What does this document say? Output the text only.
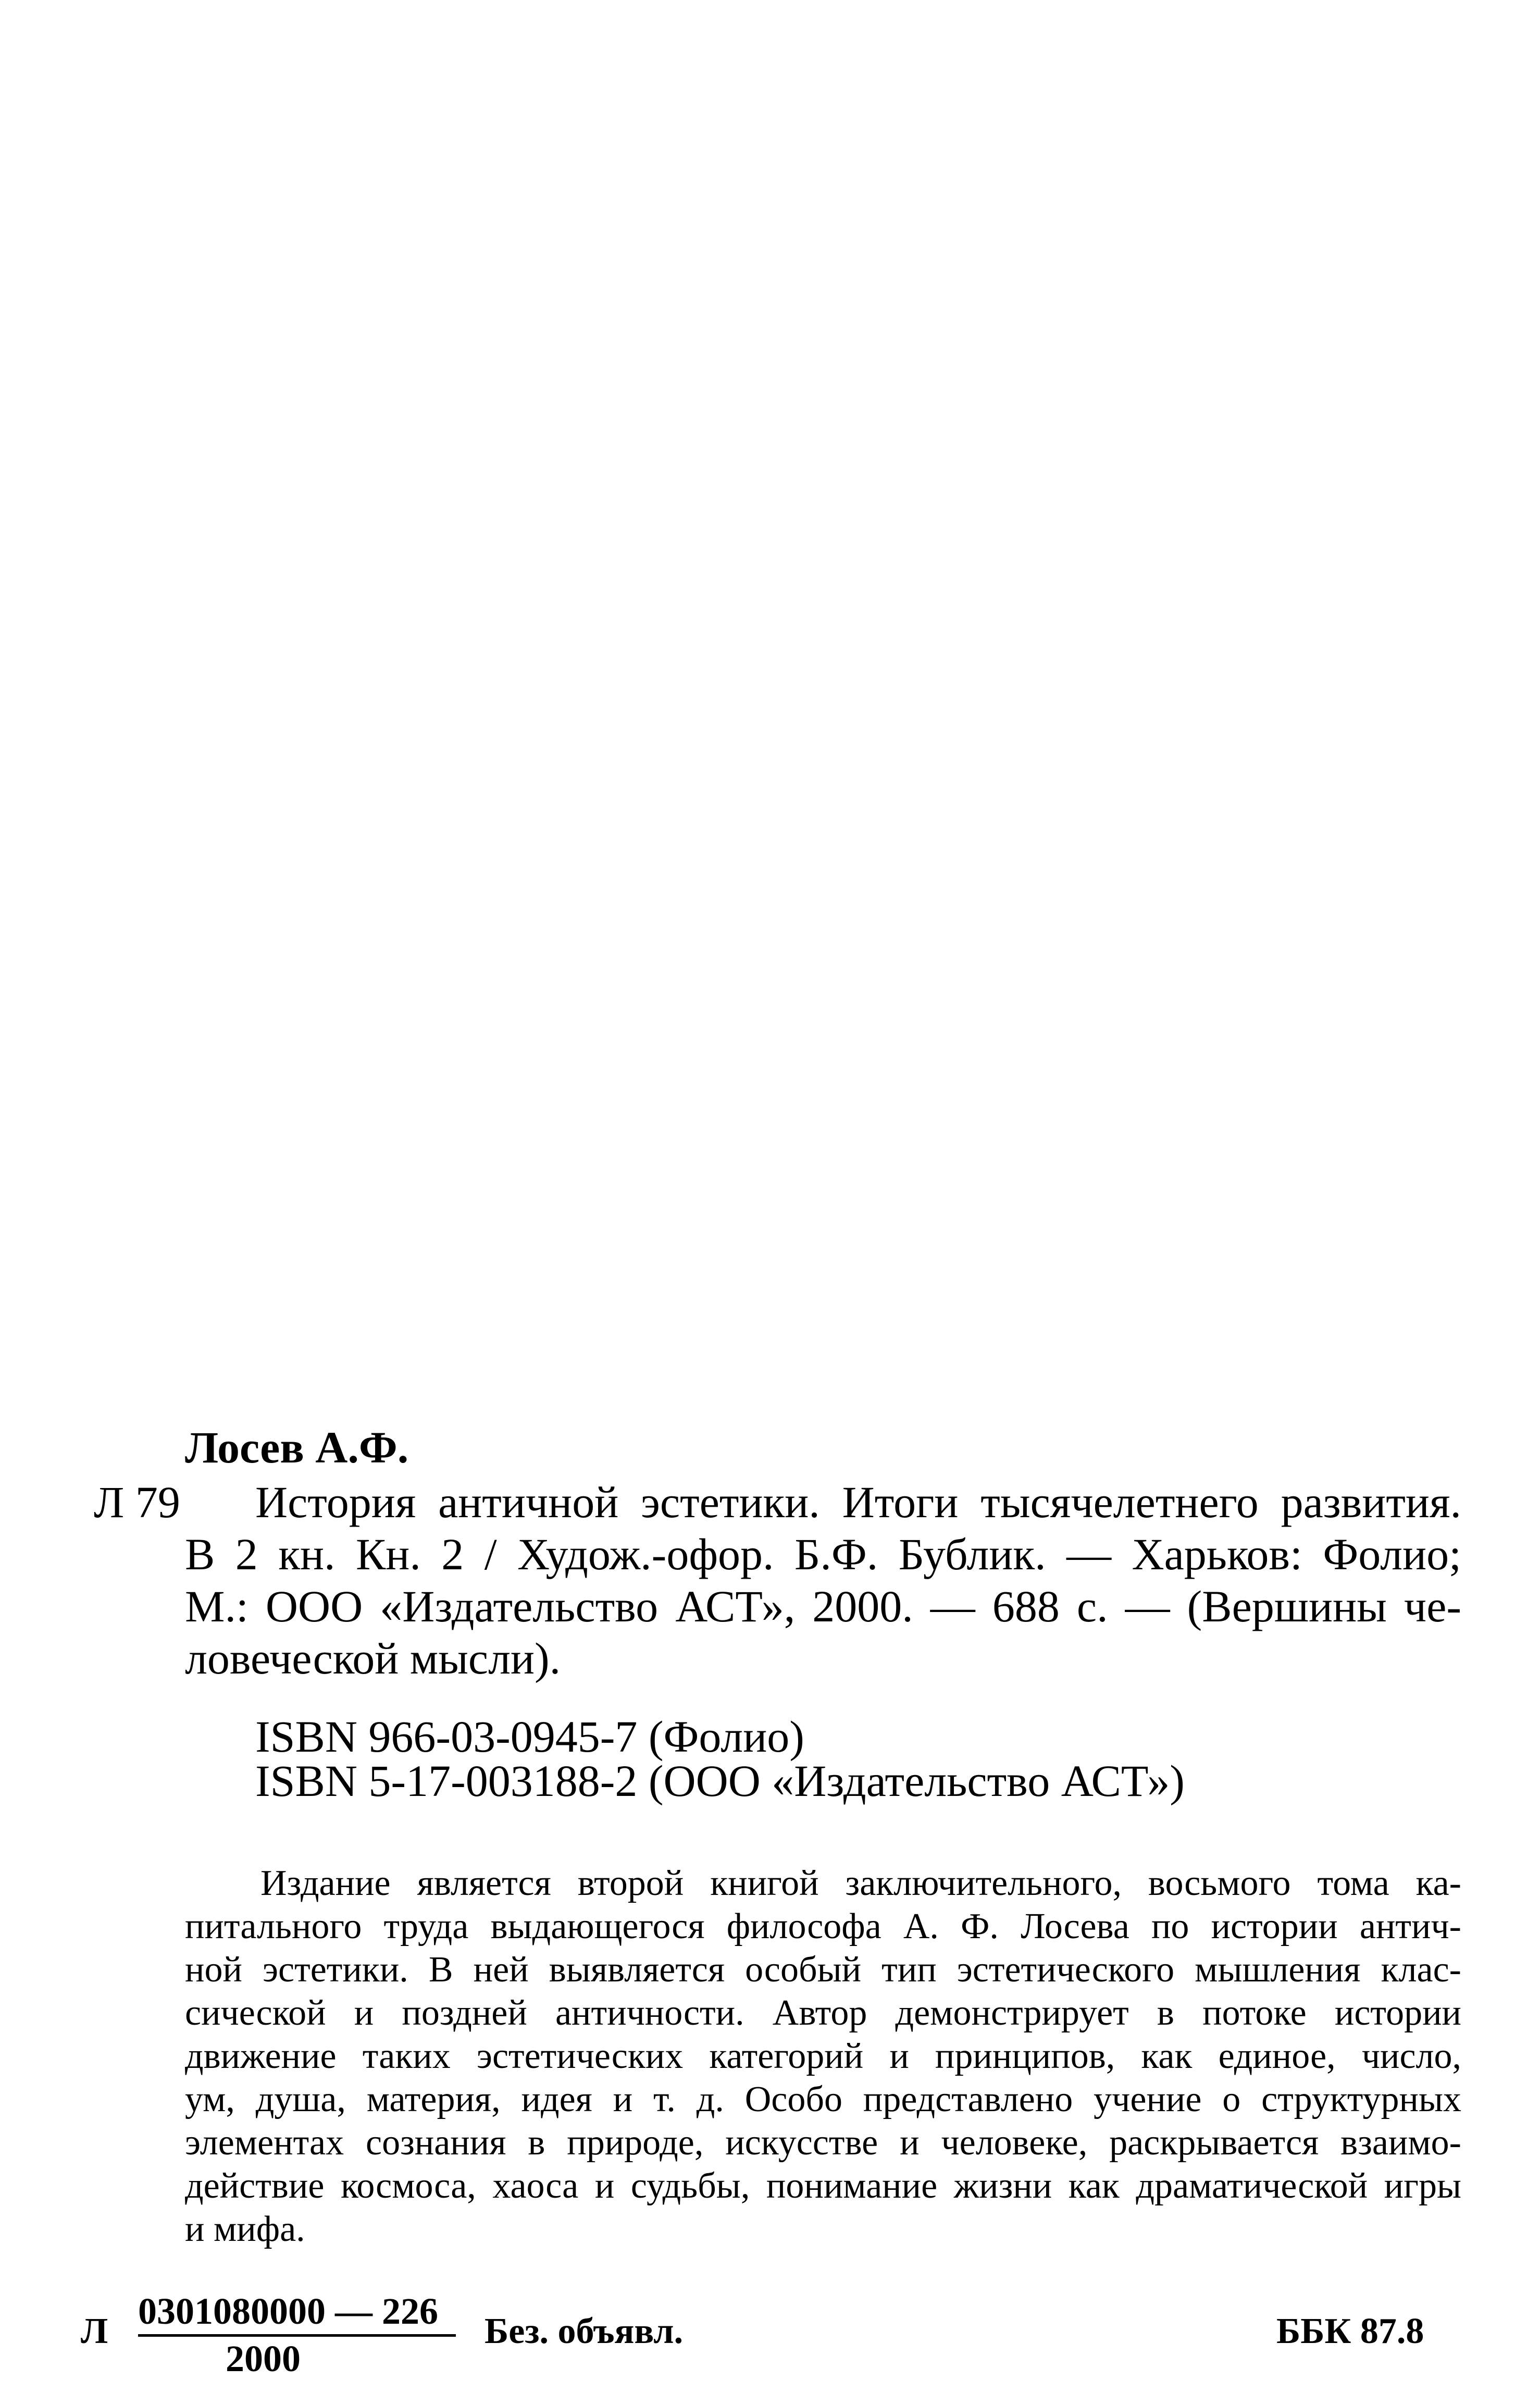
Лосев А.Ф.
Л 79 История античной эстетики. Итоги тысячелетнего развития.
В 2 кн. Кн. 2 / Худож.-офор. Б.Ф. Бублик. — Харьков: Фолио;
М.: ООО «Издательство АСТ», 2000. — 688 с. — (Вершины че-
ловеческой мысли).
ISBN 966-03-0945-7 (Фолио)
ISBN 5-17-003188-2 (ООО «Издательство АСТ»)
Издание является второй книгой заключительного, восьмого тома ка-
питального труда выдающегося философа А. Ф. Лосева по истории антич-
ной эстетики. В ней выявляется особый тип эстетического мышления клас-
сической и поздней античности. Автор демонстрирует в потоке истории
движение таких эстетических категорий и принципов, как единое, число,
ум, душа, материя, идея и т. д. Особо представлено учение о структурных
элементах сознания в природе, искусстве и человеке, раскрывается взаимо-
действие космоса, хаоса и судьбы, понимание жизни как драматической игры
и мифа.
Л $\frac{0301080000 — 226}{2000}$ Без. объявл.	ББК 87.8
